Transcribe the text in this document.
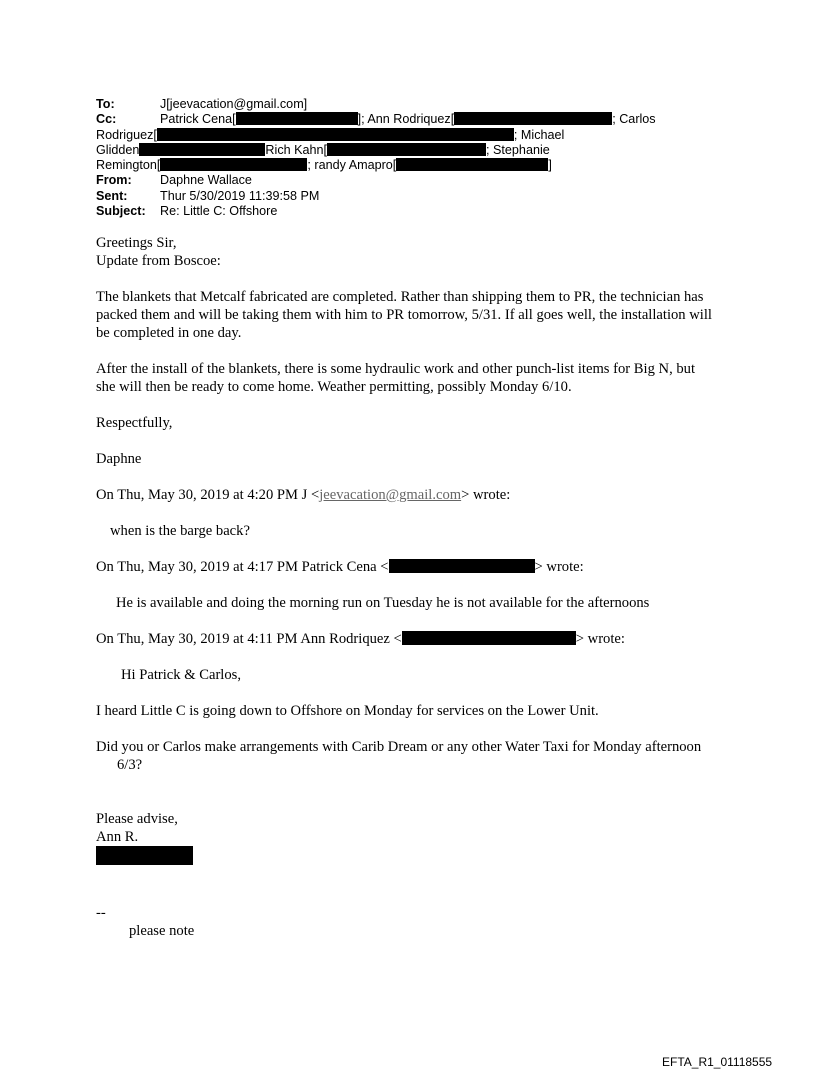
To:	J[jeevacation@gmail.com]
Cc:	Patrick Cena[	]; Ann Rodriquez[	; Carlos
Rodriguez[	; Michael
Glidden	Rich Kahn[	; Stephanie
Remington[	; randy Amapro[	]
From: Daphne Wallace
Sent:	Thur 5/30/2019 11:39:58 PM
Subject: Re: Little C: Offshore

Greetings Sir,

Update from Boscoe:

The blankets that Metcalf fabricated are completed. Rather than shipping them to PR, the technician has packed them and will be taking them with him to PR tomorrow, 5/31. If all goes well, the installation will be completed in one day.

After the install of the blankets, there is some hydraulic work and other punch-list items for Big N, but she will then be ready to come home. Weather permitting, possibly Monday 6/10.

Respectfully,

Daphne

On Thu, May 30, 2019 at 4:20 PM J <jeevacation@gmail.com> wrote:

when is the barge back?

On Thu, May 30, 2019 at 4:17 PM Patrick Cena <	> wrote:

He is available and doing the morning run on Tuesday he is not available for the afternoons

On Thu, May 30, 2019 at 4:11 PM Ann Rodriquez <	> wrote:

Hi Patrick & Carlos,

I heard Little C is going down to Offshore on Monday for services on the Lower Unit.

Did you or Carlos make arrangements with Carib Dream or any other Water Taxi for Monday afternoon 6/3?

Please advise,

Ann R.

--

please note

EFTA_R1_01118555
